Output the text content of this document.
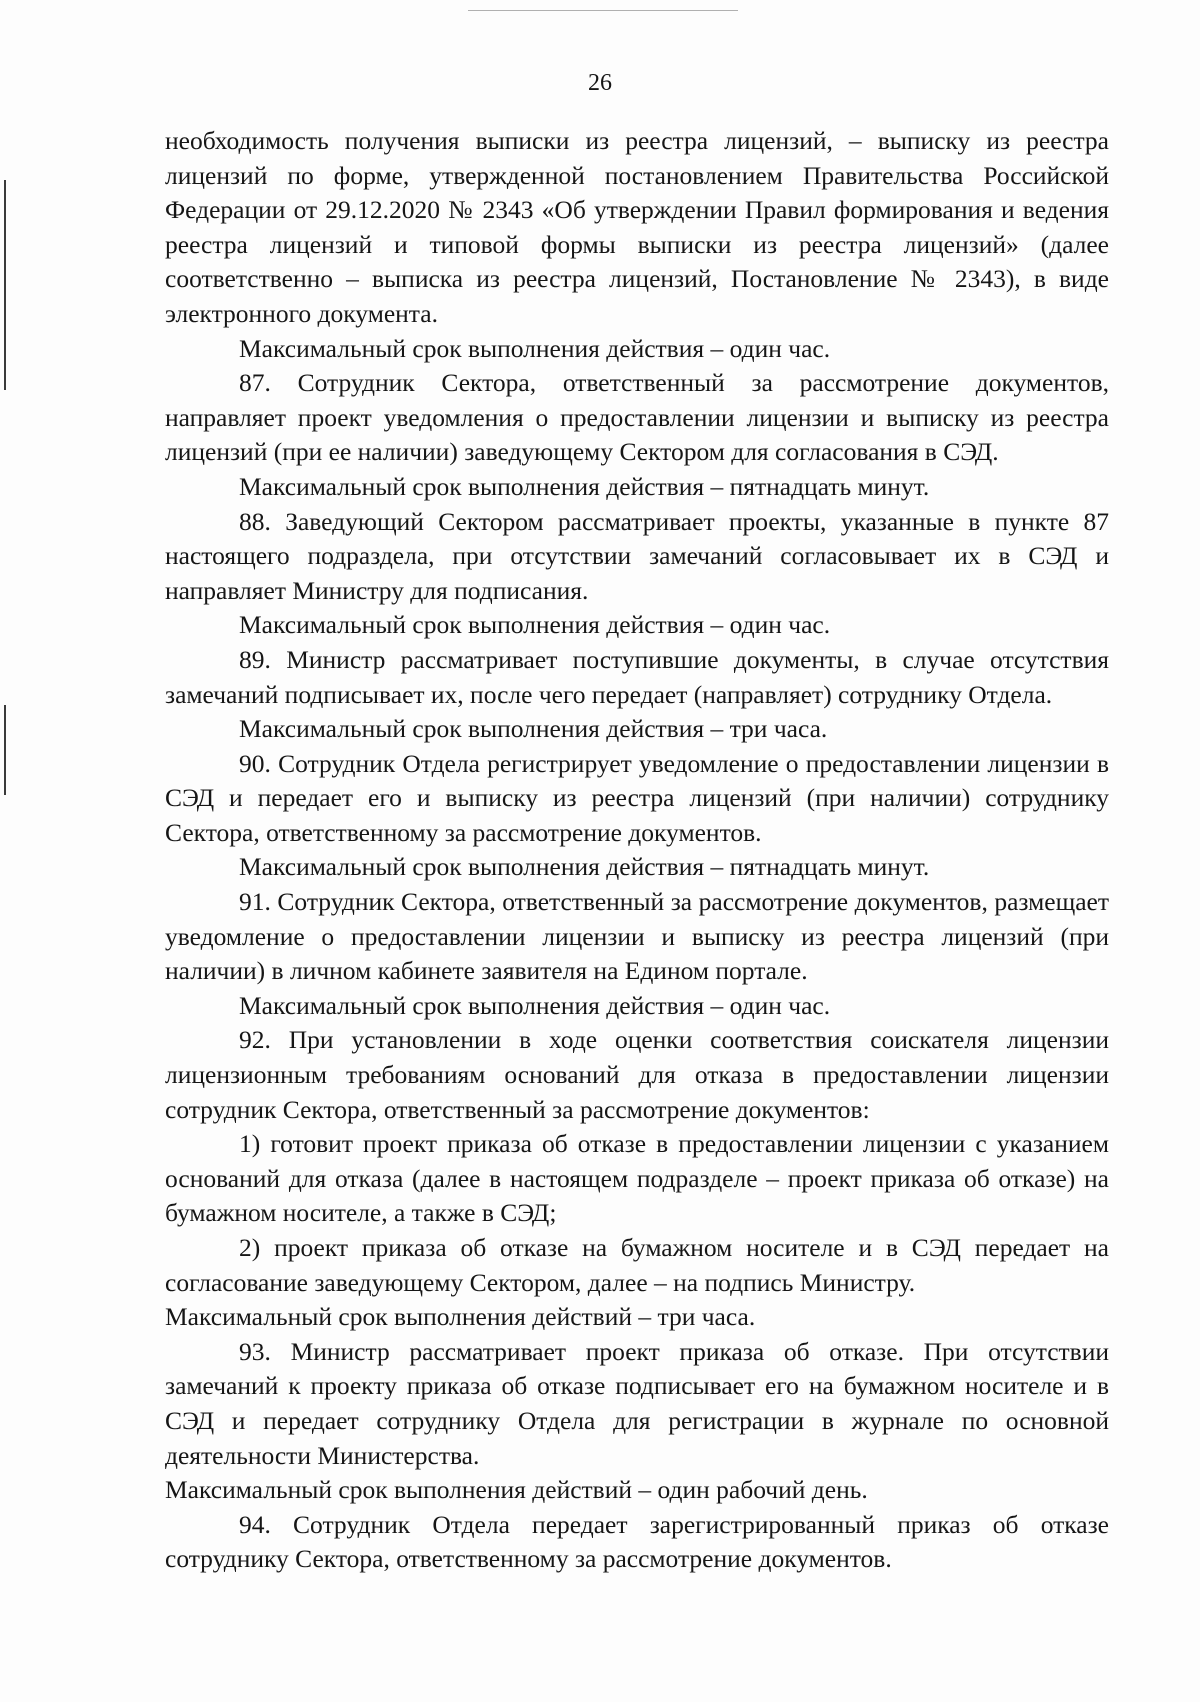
26

необходимость получения выписки из реестра лицензий, – выписку из реестра лицензий по форме, утвержденной постановлением Правительства Российской Федерации от 29.12.2020 № 2343 «Об утверждении Правил формирования и ведения реестра лицензий и типовой формы выписки из реестра лицензий» (далее соответственно – выписка из реестра лицензий, Постановление № 2343), в виде электронного документа.

Максимальный срок выполнения действия – один час.

87. Сотрудник Сектора, ответственный за рассмотрение документов, направляет проект уведомления о предоставлении лицензии и выписку из реестра лицензий (при ее наличии) заведующему Сектором для согласования в СЭД.

Максимальный срок выполнения действия – пятнадцать минут.

88. Заведующий Сектором рассматривает проекты, указанные в пункте 87 настоящего подраздела, при отсутствии замечаний согласовывает их в СЭД и направляет Министру для подписания.

Максимальный срок выполнения действия – один час.

89. Министр рассматривает поступившие документы, в случае отсутствия замечаний подписывает их, после чего передает (направляет) сотруднику Отдела.

Максимальный срок выполнения действия – три часа.

90. Сотрудник Отдела регистрирует уведомление о предоставлении лицензии в СЭД и передает его и выписку из реестра лицензий (при наличии) сотруднику Сектора, ответственному за рассмотрение документов.

Максимальный срок выполнения действия – пятнадцать минут.

91. Сотрудник Сектора, ответственный за рассмотрение документов, размещает уведомление о предоставлении лицензии и выписку из реестра лицензий (при наличии) в личном кабинете заявителя на Едином портале.

Максимальный срок выполнения действия – один час.

92. При установлении в ходе оценки соответствия соискателя лицензии лицензионным требованиям оснований для отказа в предоставлении лицензии сотрудник Сектора, ответственный за рассмотрение документов:

1) готовит проект приказа об отказе в предоставлении лицензии с указанием оснований для отказа (далее в настоящем подразделе – проект приказа об отказе) на бумажном носителе, а также в СЭД;

2) проект приказа об отказе на бумажном носителе и в СЭД передает на согласование заведующему Сектором, далее – на подпись Министру.

Максимальный срок выполнения действий – три часа.

93. Министр рассматривает проект приказа об отказе. При отсутствии замечаний к проекту приказа об отказе подписывает его на бумажном носителе и в СЭД и передает сотруднику Отдела для регистрации в журнале по основной деятельности Министерства.

Максимальный срок выполнения действий – один рабочий день.

94. Сотрудник Отдела передает зарегистрированный приказ об отказе сотруднику Сектора, ответственному за рассмотрение документов.
